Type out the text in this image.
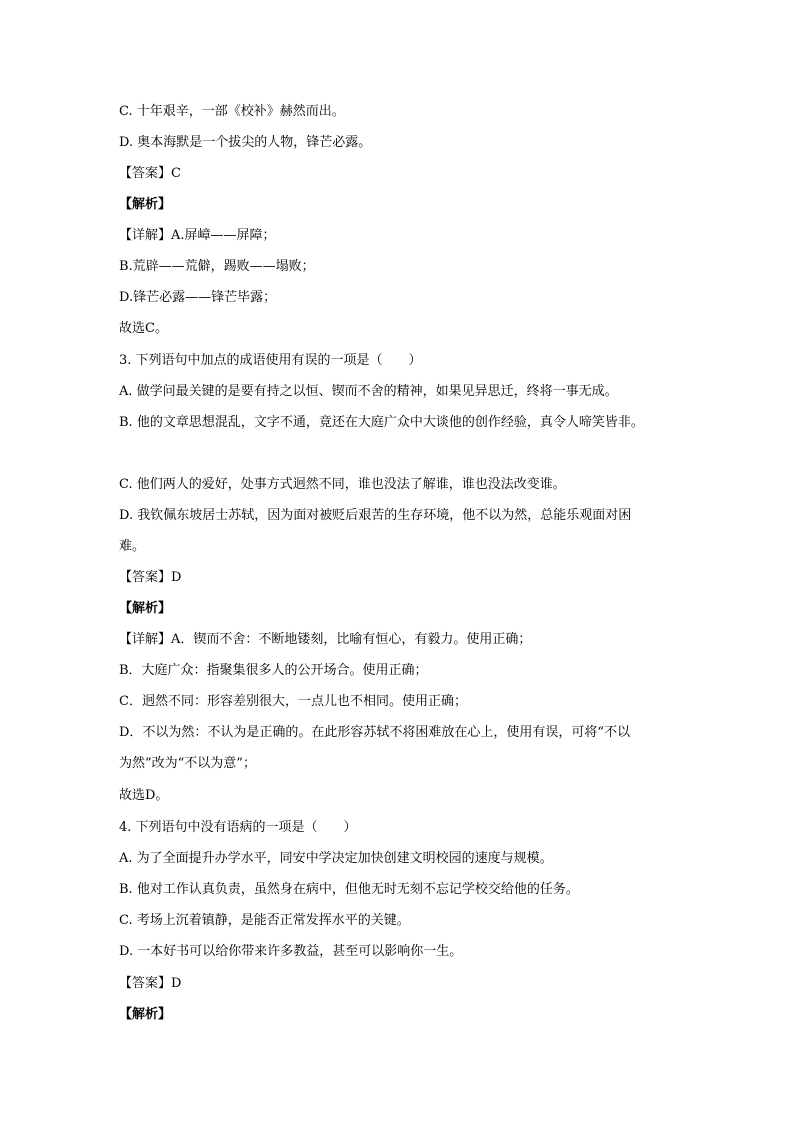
C. 十年艰辛，一部《校补》赫然而出。
D. 奥本海默是一个拔尖的人物，锋芒必露。
【答案】C
【解析】
【详解】A.屏嶂——屏障；
B.荒辟——荒僻，踢败——塌败；
D.锋芒必露——锋芒毕露；
故选C。
3. 下列语句中加点的成语使用有误的一项是（　　）
A. 做学问最关键的是要有持之以恒、锲而不舍的精神，如果见异思迁，终将一事无成。
B. 他的文章思想混乱，文字不通，竟还在大庭广众中大谈他的创作经验，真令人啼笑皆非。
C. 他们两人的爱好，处事方式迥然不同，谁也没法了解谁，谁也没法改变谁。
D. 我钦佩东坡居士苏轼，因为面对被贬后艰苦的生存环境，他不以为然，总能乐观面对困
难。
【答案】D
【解析】
【详解】A．锲而不舍：不断地镂刻，比喻有恒心，有毅力。使用正确；
B．大庭广众：指聚集很多人的公开场合。使用正确；
C．迥然不同：形容差别很大，一点儿也不相同。使用正确；
D．不以为然：不认为是正确的。在此形容苏轼不将困难放在心上，使用有误，可将“不以
为然”改为“不以为意”；
故选D。
4. 下列语句中没有语病的一项是（　　）
A. 为了全面提升办学水平，同安中学决定加快创建文明校园的速度与规模。
B. 他对工作认真负责，虽然身在病中，但他无时无刻不忘记学校交给他的任务。
C. 考场上沉着镇静，是能否正常发挥水平的关键。
D. 一本好书可以给你带来许多教益，甚至可以影响你一生。
【答案】D
【解析】
